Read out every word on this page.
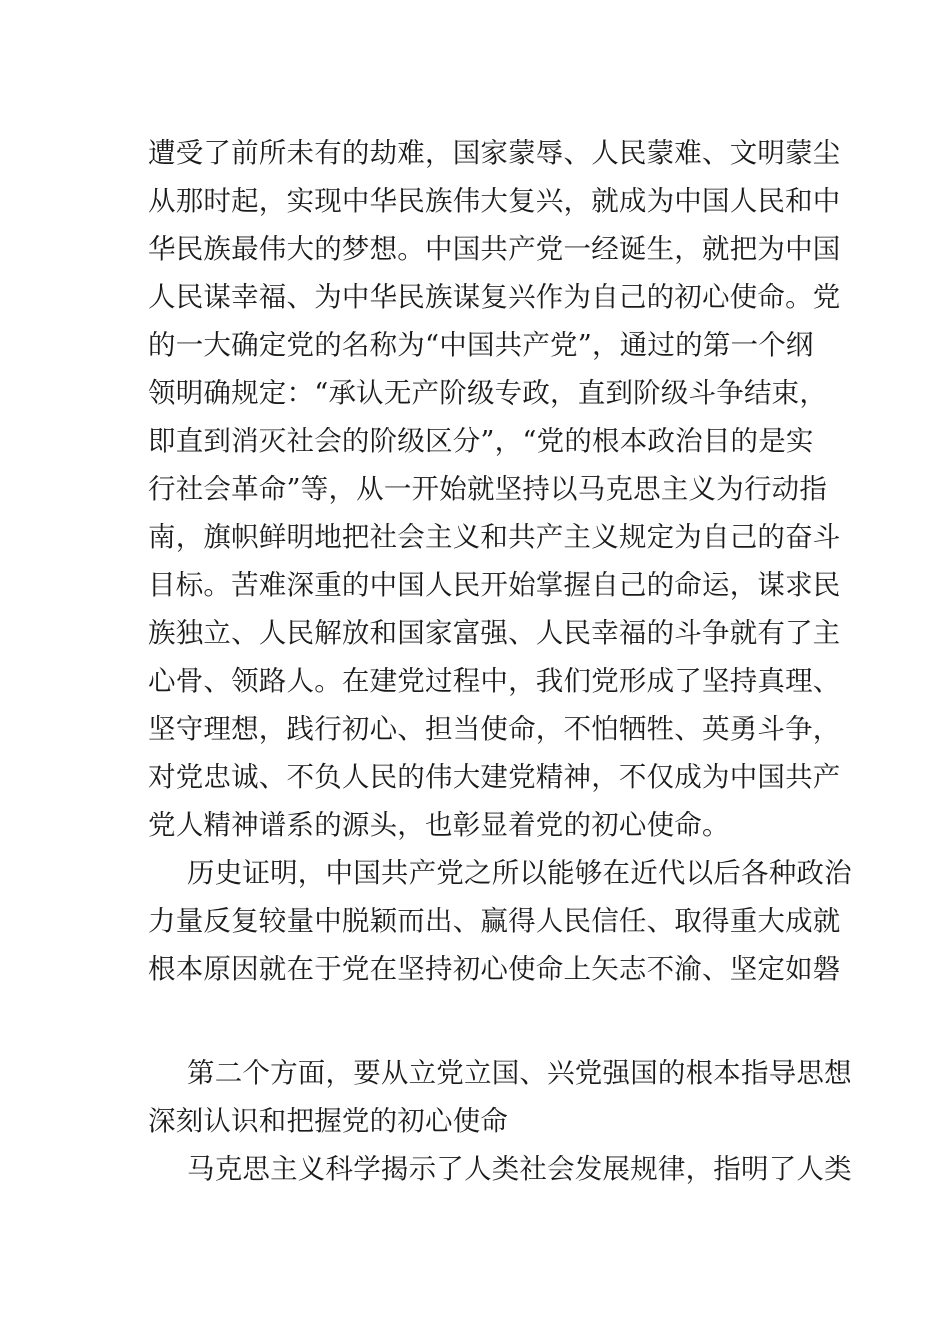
遭受了前所未有的劫难，国家蒙辱、人民蒙难、文明蒙尘
从那时起，实现中华民族伟大复兴，就成为中国人民和中
华民族最伟大的梦想。中国共产党一经诞生，就把为中国
人民谋幸福、为中华民族谋复兴作为自己的初心使命。党
的一大确定党的名称为“中国共产党”，通过的第一个纲
领明确规定：“承认无产阶级专政，直到阶级斗争结束，
即直到消灭社会的阶级区分”，“党的根本政治目的是实
行社会革命”等，从一开始就坚持以马克思主义为行动指
南，旗帜鲜明地把社会主义和共产主义规定为自己的奋斗
目标。苦难深重的中国人民开始掌握自己的命运，谋求民
族独立、人民解放和国家富强、人民幸福的斗争就有了主
心骨、领路人。在建党过程中，我们党形成了坚持真理、
坚守理想，践行初心、担当使命，不怕牺牲、英勇斗争，
对党忠诚、不负人民的伟大建党精神，不仅成为中国共产
党人精神谱系的源头，也彰显着党的初心使命。
历史证明，中国共产党之所以能够在近代以后各种政治
力量反复较量中脱颖而出、赢得人民信任、取得重大成就
根本原因就在于党在坚持初心使命上矢志不渝、坚定如磐
第二个方面，要从立党立国、兴党强国的根本指导思想
深刻认识和把握党的初心使命
马克思主义科学揭示了人类社会发展规律，指明了人类
